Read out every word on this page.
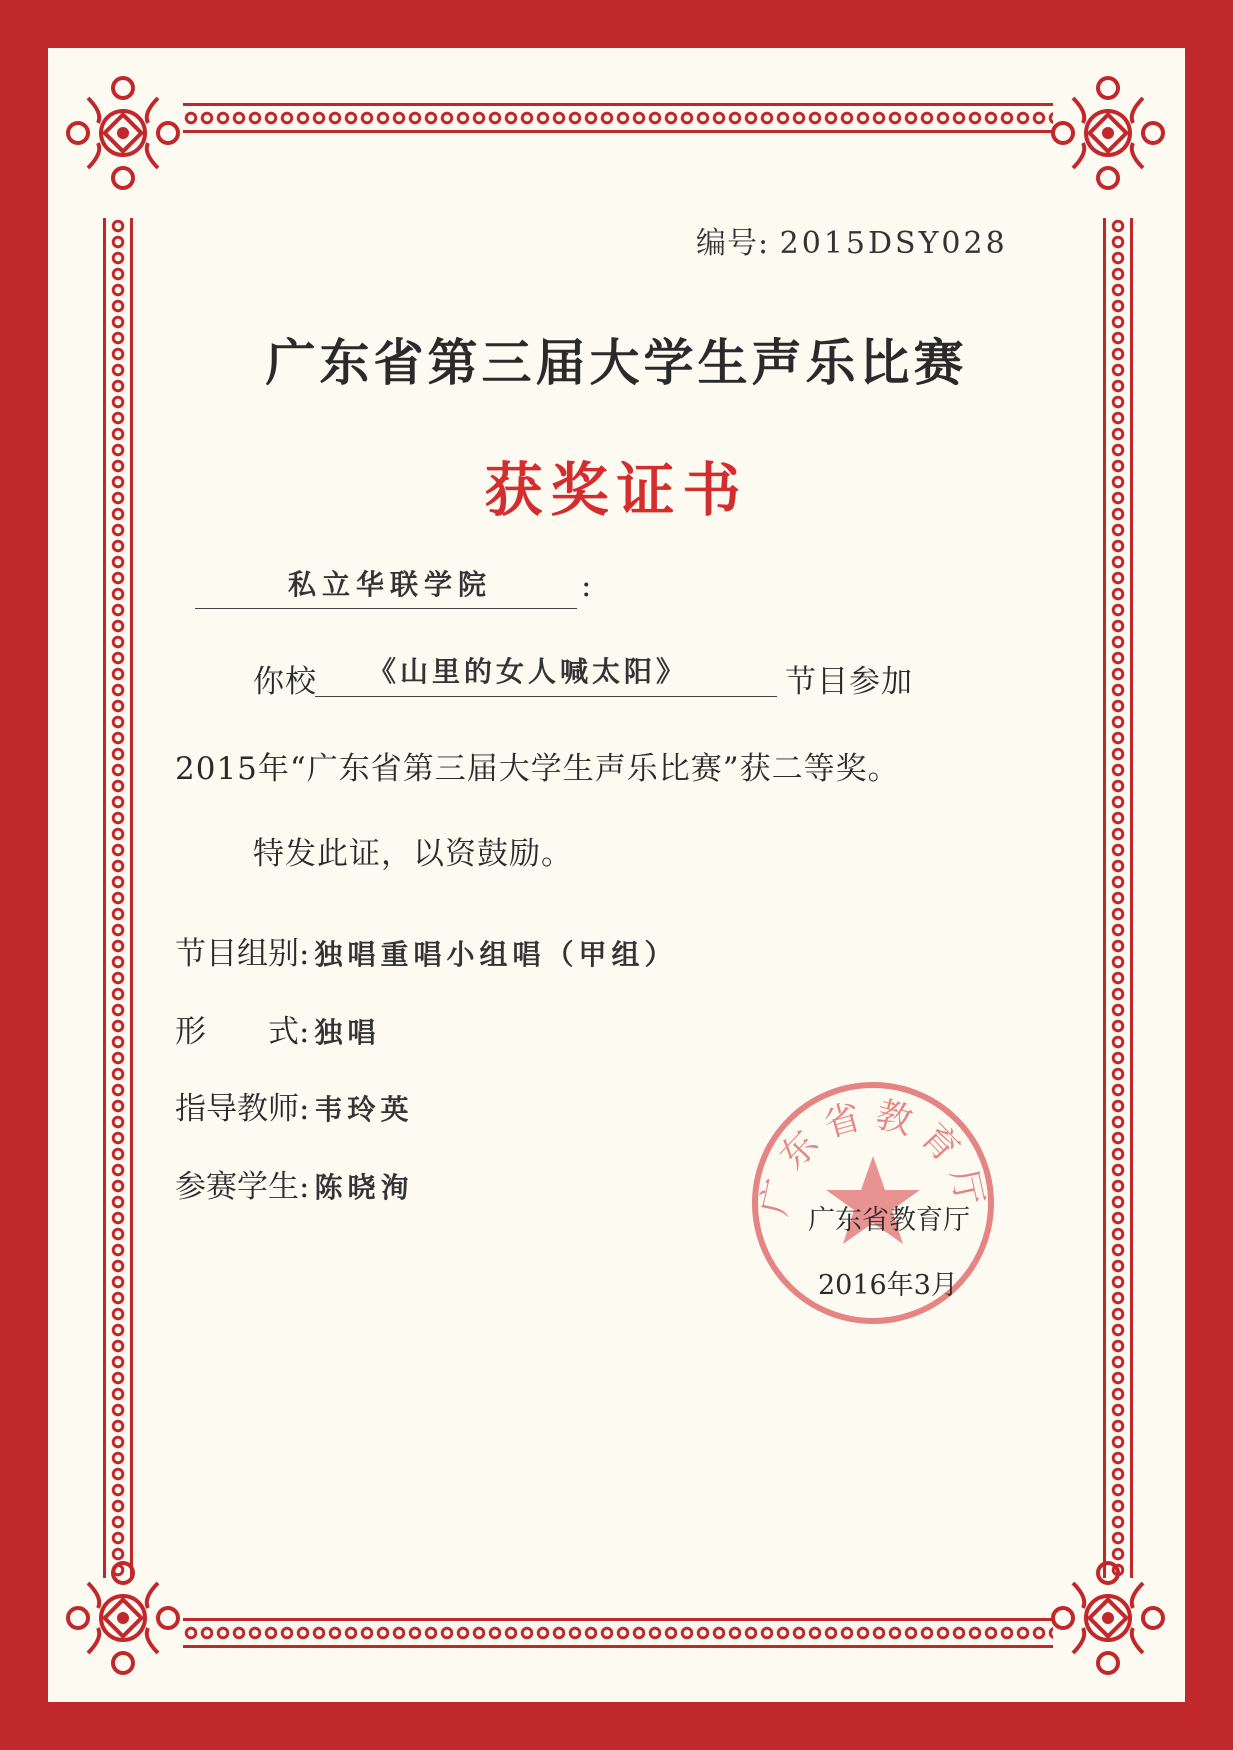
编号: 2015DSY028
广东省第三届大学生声乐比赛
获奖证书
私立华联学院	:
你校 《山里的女人喊太阳》	节目参加
2015年“广东省第三届大学生声乐比赛”获二等奖。
特发此证，以资鼓励。
节目组别: 独唱重唱小组唱（甲组）
形　　式: 独唱
指导教师: 韦玲英
参赛学生: 陈晓洵	广东省教育厅
广东省教育厅
2016年3月
